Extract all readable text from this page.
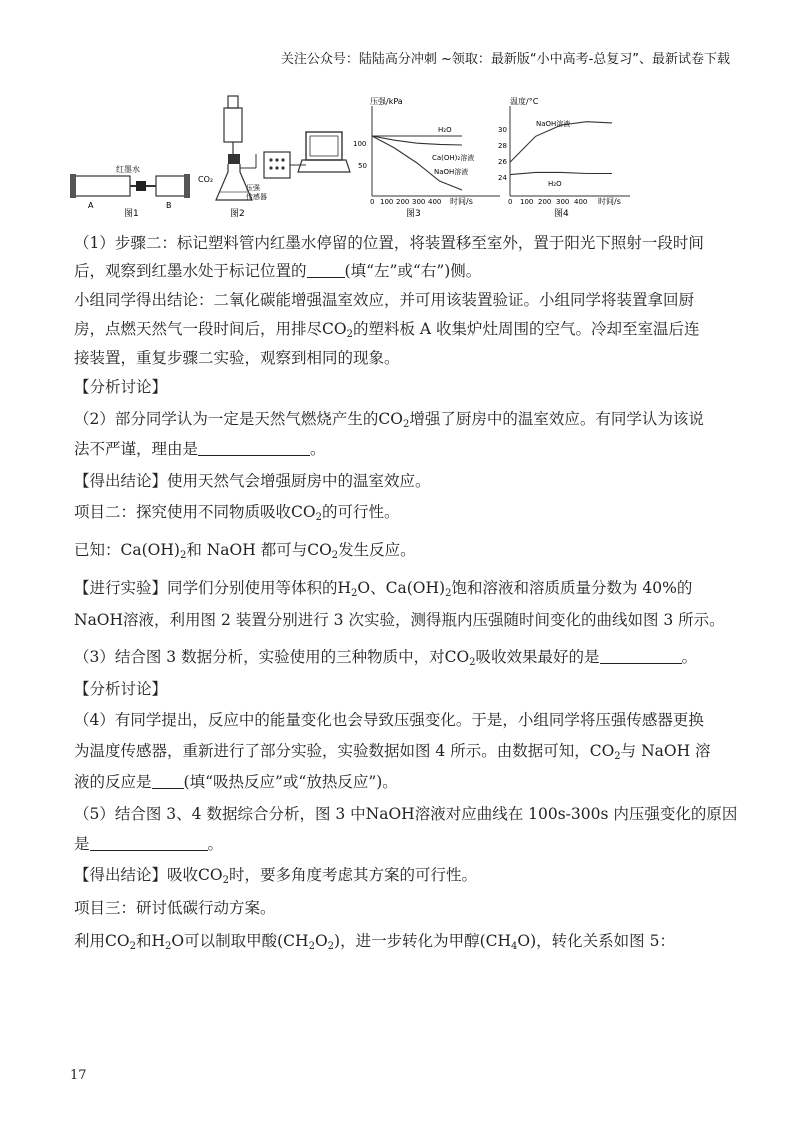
关注公众号：陆陆高分冲刺 ~领取：最新版“小中高考-总复习”、最新试卷下载
红墨水
A	B
图1
CO₂
压强
传感器
图2
压强/kPa
时间/s
100
50
0 100 200 300 400
H₂O
Ca(OH)₂溶液
NaOH溶液
图3
温度/°C
时间/s
30
28
26
24
0 100 200 300 400
NaOH溶液
H₂O
图4
（1）步骤二：标记塑料管内红墨水停留的位置，将装置移至室外，置于阳光下照射一段时间
后，观察到红墨水处于标记位置的 (填“左”或“右”)侧。
小组同学得出结论：二氧化碳能增强温室效应，并可用该装置验证。小组同学将装置拿回厨
房，点燃天然气一段时间后，用排尽$CO_2$的塑料板 A 收集炉灶周围的空气。冷却至室温后连
接装置，重复步骤二实验，观察到相同的现象。
【分析讨论】
（2）部分同学认为一定是天然气燃烧产生的$CO_2$增强了厨房中的温室效应。有同学认为该说
法不严谨，理由是	。
【得出结论】使用天然气会增强厨房中的温室效应。
项目二：探究使用不同物质吸收$CO_2$的可行性。
已知：$Ca(OH)_2$和 NaOH 都可与$CO_2$发生反应。
【进行实验】同学们分别使用等体积的$H_2O$、$Ca(OH)_2$饱和溶液和溶质质量分数为 40%的
NaOH溶液，利用图 2 装置分别进行 3 次实验，测得瓶内压强随时间变化的曲线如图 3 所示。
（3）结合图 3 数据分析，实验使用的三种物质中，对$CO_2$吸收效果最好的是	。
【分析讨论】
（4）有同学提出，反应中的能量变化也会导致压强变化。于是，小组同学将压强传感器更换
为温度传感器，重新进行了部分实验，实验数据如图 4 所示。由数据可知，$CO_2$与 NaOH 溶
液的反应是 (填“吸热反应”或“放热反应”)。
（5）结合图 3、4 数据综合分析，图 3 中NaOH溶液对应曲线在 100s-300s 内压强变化的原因
是	。
【得出结论】吸收$CO_2$时，要多角度考虑其方案的可行性。
项目三：研讨低碳行动方案。
利用$CO_2$和$H_2O$可以制取甲酸$(CH_2O_2)$，进一步转化为甲醇$(CH_4O)$，转化关系如图 5：
17
